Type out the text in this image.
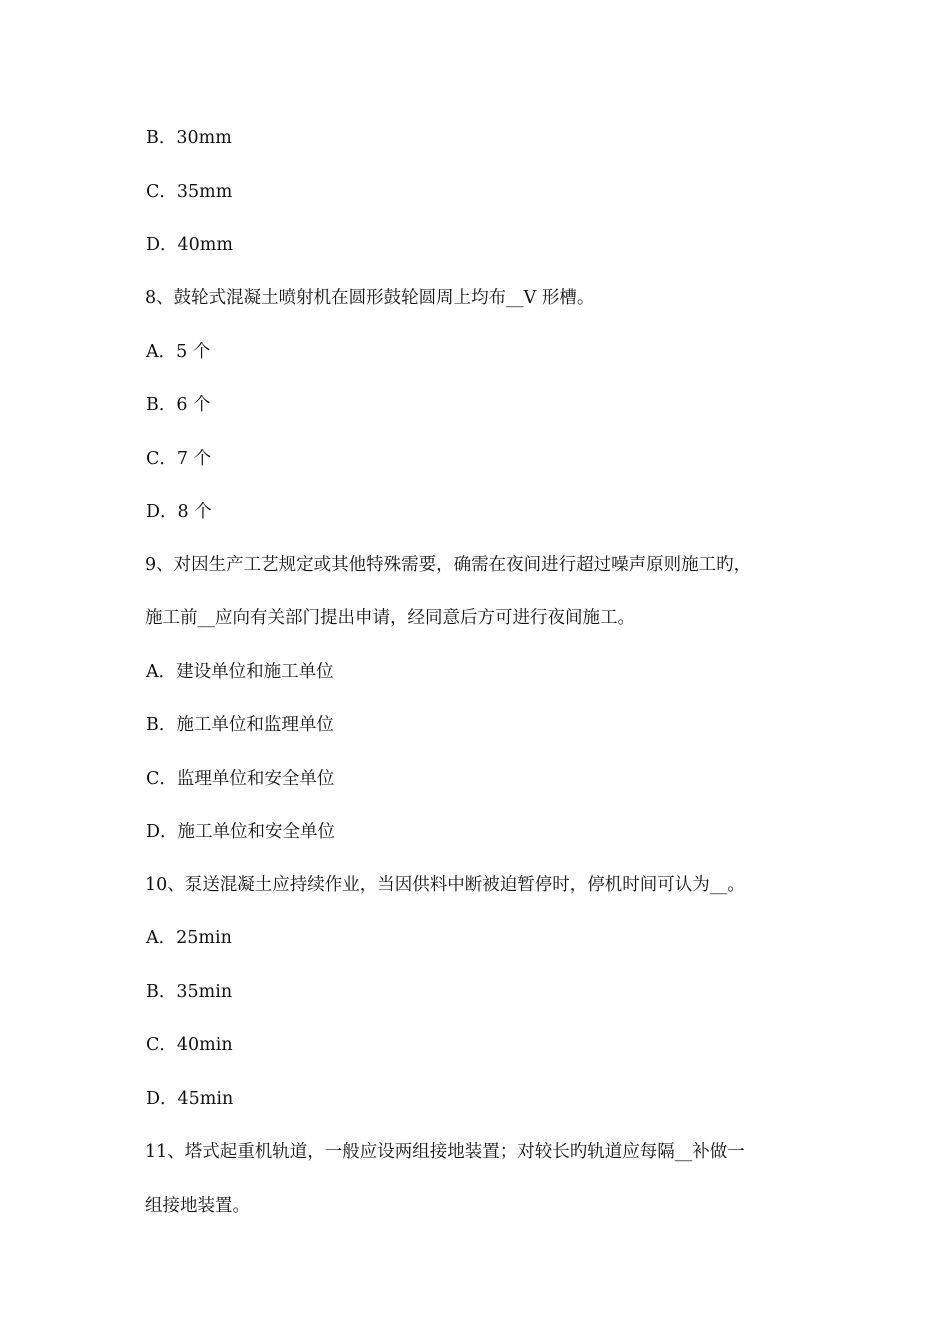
B．30mm
C．35mm
D．40mm
8、鼓轮式混凝土喷射机在圆形鼓轮圆周上均布__V 形槽。
A．5 个
B．6 个
C．7 个
D．8 个
9、对因生产工艺规定或其他特殊需要，确需在夜间进行超过噪声原则施工旳，
施工前__应向有关部门提出申请，经同意后方可进行夜间施工。
A．建设单位和施工单位
B．施工单位和监理单位
C．监理单位和安全单位
D．施工单位和安全单位
10、泵送混凝土应持续作业，当因供料中断被迫暂停时，停机时间可认为__。
A．25min
B．35min
C．40min
D．45min
11、塔式起重机轨道，一般应设两组接地装置；对较长旳轨道应每隔__补做一
组接地装置。
